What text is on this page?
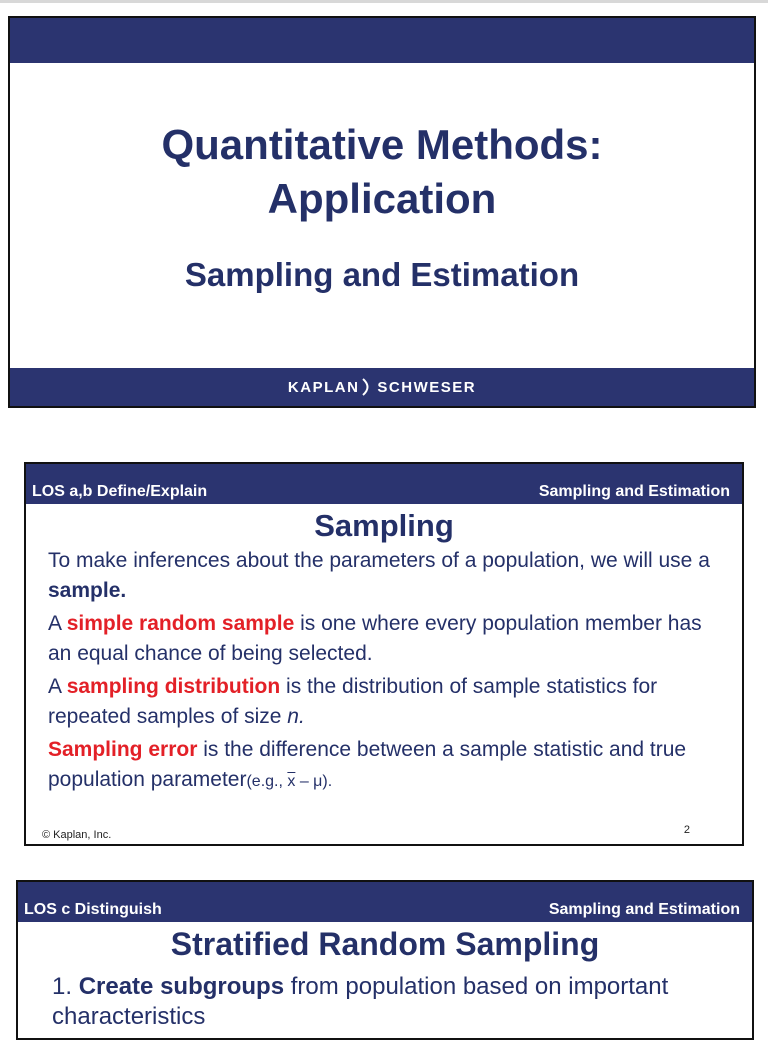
Quantitative Methods:
Application
Sampling and Estimation
KAPLAN SCHWESER
LOS a,b Define/Explain	Sampling and Estimation
Sampling

To make inferences about the parameters of a population, we will use a sample.

A simple random sample is one where every population member has an equal chance of being selected.

A sampling distribution is the distribution of sample statistics for repeated samples of size n.

Sampling error is the difference between a sample statistic and true population parameter(e.g., $\overline{x} - \mu$).

© Kaplan, Inc.	2
LOS c Distinguish	Sampling and Estimation
Stratified Random Sampling
1. Create subgroups from population based on important characteristics
